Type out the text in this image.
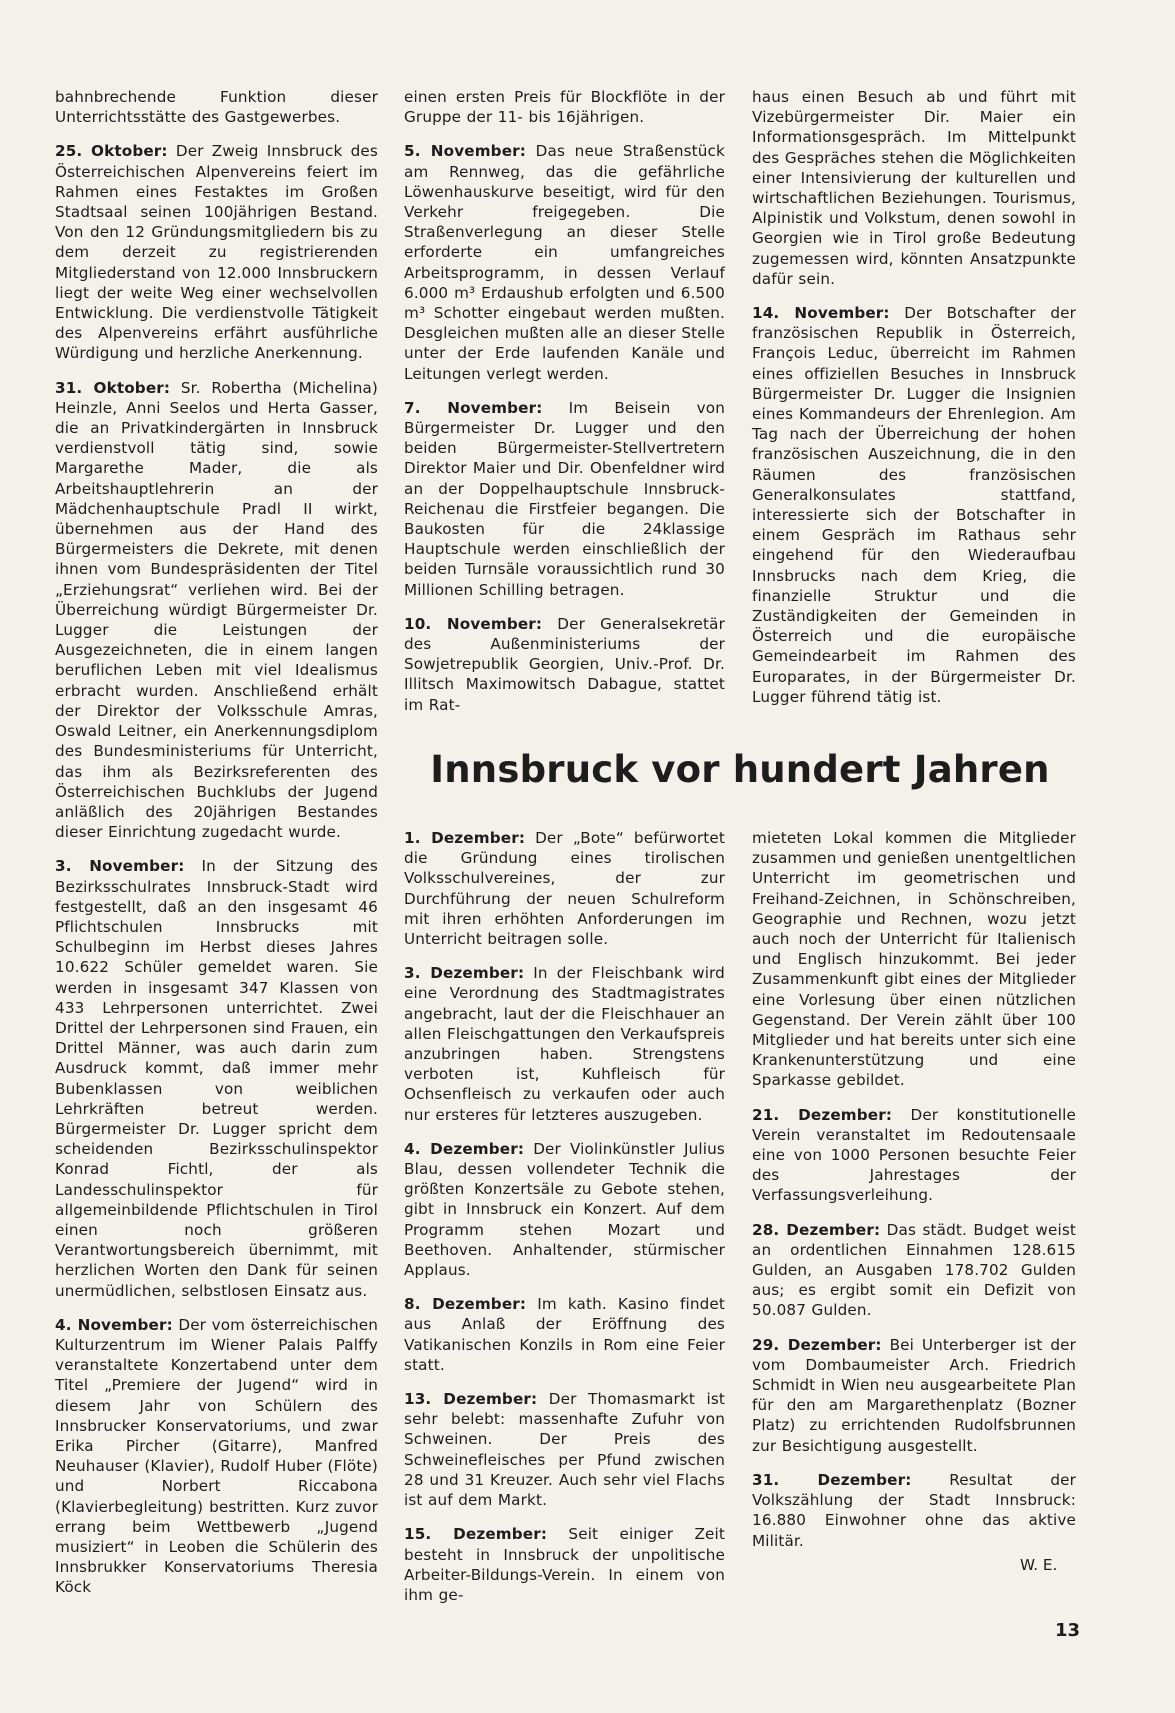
bahnbrechende Funktion dieser Unterrichtsstätte des Gastgewerbes.

25. Oktober: Der Zweig Innsbruck des Österreichischen Alpenvereins feiert im Rahmen eines Festaktes im Großen Stadtsaal seinen 100jährigen Bestand. Von den 12 Gründungsmitgliedern bis zu dem derzeit zu registrierenden Mitgliederstand von 12.000 Innsbruckern liegt der weite Weg einer wechselvollen Entwicklung. Die verdienstvolle Tätigkeit des Alpenvereins erfährt ausführliche Würdigung und herzliche Anerkennung.

31. Oktober: Sr. Robertha (Michelina) Heinzle, Anni Seelos und Herta Gasser, die an Privatkindergärten in Innsbruck verdienstvoll tätig sind, sowie Margarethe Mader, die als Arbeitshauptlehrerin an der Mädchenhauptschule Pradl II wirkt, übernehmen aus der Hand des Bürgermeisters die Dekrete, mit denen ihnen vom Bundespräsidenten der Titel „Erziehungsrat“ verliehen wird. Bei der Überreichung würdigt Bürgermeister Dr. Lugger die Leistungen der Ausgezeichneten, die in einem langen beruflichen Leben mit viel Idealismus erbracht wurden. Anschließend erhält der Direktor der Volksschule Amras, Oswald Leitner, ein Anerkennungsdiplom des Bundesministeriums für Unterricht, das ihm als Bezirksreferenten des Österreichischen Buchklubs der Jugend anläßlich des 20jährigen Bestandes dieser Einrichtung zugedacht wurde.

3. November: In der Sitzung des Bezirksschulrates Innsbruck-Stadt wird festgestellt, daß an den insgesamt 46 Pflichtschulen Innsbrucks mit Schulbeginn im Herbst dieses Jahres 10.622 Schüler gemeldet waren. Sie werden in insgesamt 347 Klassen von 433 Lehrpersonen unterrichtet. Zwei Drittel der Lehrpersonen sind Frauen, ein Drittel Männer, was auch darin zum Ausdruck kommt, daß immer mehr Bubenklassen von weiblichen Lehrkräften betreut werden. Bürgermeister Dr. Lugger spricht dem scheidenden Bezirksschulinspektor Konrad Fichtl, der als Landesschulinspektor für allgemeinbildende Pflichtschulen in Tirol einen noch größeren Verantwortungsbereich übernimmt, mit herzlichen Worten den Dank für seinen unermüdlichen, selbstlosen Einsatz aus.

4. November: Der vom österreichischen Kulturzentrum im Wiener Palais Palffy veranstaltete Konzertabend unter dem Titel „Premiere der Jugend“ wird in diesem Jahr von Schülern des Innsbrucker Konservatoriums, und zwar Erika Pircher (Gitarre), Manfred Neuhauser (Klavier), Rudolf Huber (Flöte) und Norbert Riccabona (Klavierbegleitung) bestritten. Kurz zuvor errang beim Wettbewerb „Jugend musiziert“ in Leoben die Schülerin des Innsbrukker Konservatoriums Theresia Köck

einen ersten Preis für Blockflöte in der Gruppe der 11- bis 16jährigen.

5. November: Das neue Straßenstück am Rennweg, das die gefährliche Löwenhauskurve beseitigt, wird für den Verkehr freigegeben. Die Straßenverlegung an dieser Stelle erforderte ein umfangreiches Arbeitsprogramm, in dessen Verlauf 6.000 m³ Erdaushub erfolgten und 6.500 m³ Schotter eingebaut werden mußten. Desgleichen mußten alle an dieser Stelle unter der Erde laufenden Kanäle und Leitungen verlegt werden.

7. November: Im Beisein von Bürgermeister Dr. Lugger und den beiden Bürgermeister-Stellvertretern Direktor Maier und Dir. Obenfeldner wird an der Doppelhauptschule Innsbruck-Reichenau die Firstfeier begangen. Die Baukosten für die 24klassige Hauptschule werden einschließlich der beiden Turnsäle voraussichtlich rund 30 Millionen Schilling betragen.

10. November: Der Generalsekretär des Außenministeriums der Sowjetrepublik Georgien, Univ.-Prof. Dr. Illitsch Maximowitsch Dabague, stattet im Rat-

haus einen Besuch ab und führt mit Vizebürgermeister Dir. Maier ein Informationsgespräch. Im Mittelpunkt des Gespräches stehen die Möglichkeiten einer Intensivierung der kulturellen und wirtschaftlichen Beziehungen. Tourismus, Alpinistik und Volkstum, denen sowohl in Georgien wie in Tirol große Bedeutung zugemessen wird, könnten Ansatzpunkte dafür sein.

14. November: Der Botschafter der französischen Republik in Österreich, François Leduc, überreicht im Rahmen eines offiziellen Besuches in Innsbruck Bürgermeister Dr. Lugger die Insignien eines Kommandeurs der Ehrenlegion. Am Tag nach der Überreichung der hohen französischen Auszeichnung, die in den Räumen des französischen Generalkonsulates stattfand, interessierte sich der Botschafter in einem Gespräch im Rathaus sehr eingehend für den Wiederaufbau Innsbrucks nach dem Krieg, die finanzielle Struktur und die Zuständigkeiten der Gemeinden in Österreich und die europäische Gemeindearbeit im Rahmen des Europarates, in der Bürgermeister Dr. Lugger führend tätig ist.

Innsbruck vor hundert Jahren

1. Dezember: Der „Bote“ befürwortet die Gründung eines tirolischen Volksschulvereines, der zur Durchführung der neuen Schulreform mit ihren erhöhten Anforderungen im Unterricht beitragen solle.

3. Dezember: In der Fleischbank wird eine Verordnung des Stadtmagistrates angebracht, laut der die Fleischhauer an allen Fleischgattungen den Verkaufspreis anzubringen haben. Strengstens verboten ist, Kuhfleisch für Ochsenfleisch zu verkaufen oder auch nur ersteres für letzteres auszugeben.

4. Dezember: Der Violinkünstler Julius Blau, dessen vollendeter Technik die größten Konzertsäle zu Gebote stehen, gibt in Innsbruck ein Konzert. Auf dem Programm stehen Mozart und Beethoven. Anhaltender, stürmischer Applaus.

8. Dezember: Im kath. Kasino findet aus Anlaß der Eröffnung des Vatikanischen Konzils in Rom eine Feier statt.

13. Dezember: Der Thomasmarkt ist sehr belebt: massenhafte Zufuhr von Schweinen. Der Preis des Schweinefleisches per Pfund zwischen 28 und 31 Kreuzer. Auch sehr viel Flachs ist auf dem Markt.

15. Dezember: Seit einiger Zeit besteht in Innsbruck der unpolitische Arbeiter-Bildungs-Verein. In einem von ihm ge-

mieteten Lokal kommen die Mitglieder zusammen und genießen unentgeltlichen Unterricht im geometrischen und Freihand-Zeichnen, in Schönschreiben, Geographie und Rechnen, wozu jetzt auch noch der Unterricht für Italienisch und Englisch hinzukommt. Bei jeder Zusammenkunft gibt eines der Mitglieder eine Vorlesung über einen nützlichen Gegenstand. Der Verein zählt über 100 Mitglieder und hat bereits unter sich eine Krankenunterstützung und eine Sparkasse gebildet.

21. Dezember: Der konstitutionelle Verein veranstaltet im Redoutensaale eine von 1000 Personen besuchte Feier des Jahrestages der Verfassungsverleihung.

28. Dezember: Das städt. Budget weist an ordentlichen Einnahmen 128.615 Gulden, an Ausgaben 178.702 Gulden aus; es ergibt somit ein Defizit von 50.087 Gulden.

29. Dezember: Bei Unterberger ist der vom Dombaumeister Arch. Friedrich Schmidt in Wien neu ausgearbeitete Plan für den am Margarethenplatz (Bozner Platz) zu errichtenden Rudolfsbrunnen zur Besichtigung ausgestellt.

31. Dezember: Resultat der Volkszählung der Stadt Innsbruck: 16.880 Einwohner ohne das aktive Militär.

W. E.
13
